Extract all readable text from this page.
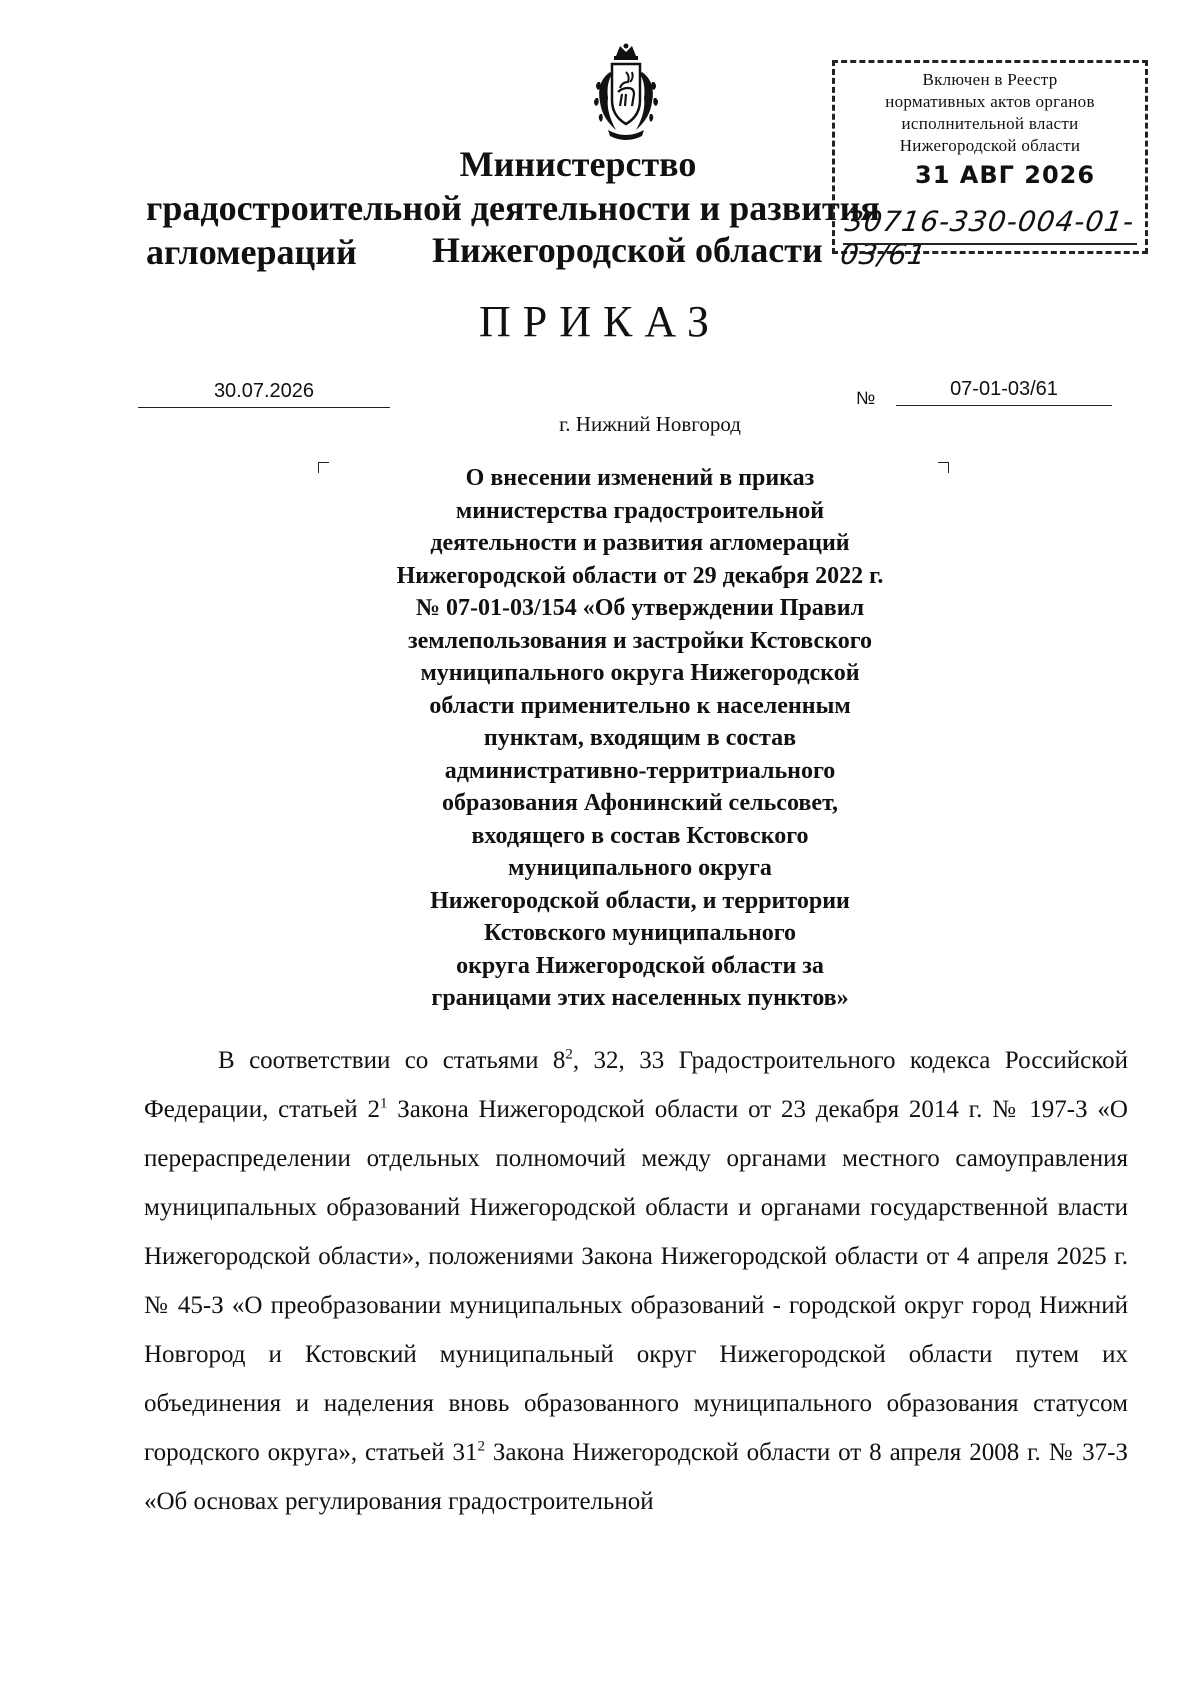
Министерство
градостроительной деятельности и развития агломераций	Нижегородской области
Включен в Реестр
нормативных актов органов
исполнительной власти
Нижегородской области
31 АВГ 2026
30716-330-004-01-03/61
ПРИКАЗ
30.07.2026	№	07-01-03/61
г. Нижний Новгород
О внесении изменений в приказ
министерства градостроительной
деятельности и развития агломераций
Нижегородской области от 29 декабря 2022 г.
№ 07-01-03/154 «Об утверждении Правил
землепользования и застройки Кстовского
муниципального округа Нижегородской
области применительно к населенным
пунктам, входящим в состав
административно-территриального
образования Афонинский сельсовет,
входящего в состав Кстовского
муниципального округа
Нижегородской области, и территории
Кстовского муниципального
округа Нижегородской области за
границами этих населенных пунктов»
В соответствии со статьями $8^2$, 32, 33 Градостроительного кодекса Российской Федерации, статьей $2^1$ Закона Нижегородской области от 23 декабря 2014 г. № 197-З «О перераспределении отдельных полномочий между органами местного самоуправления муниципальных образований Нижегородской области и органами государственной власти Нижегородской области», положениями Закона Нижегородской области от 4 апреля 2025 г. № 45-З «О преобразовании муниципальных образований - городской округ город Нижний Новгород и Кстовский муниципальный округ Нижегородской области путем их объединения и наделения вновь образованного муниципального образования статусом городского округа», статьей $31^2$ Закона Нижегородской области от 8 апреля 2008 г. № 37-З «Об основах регулирования градостроительной
